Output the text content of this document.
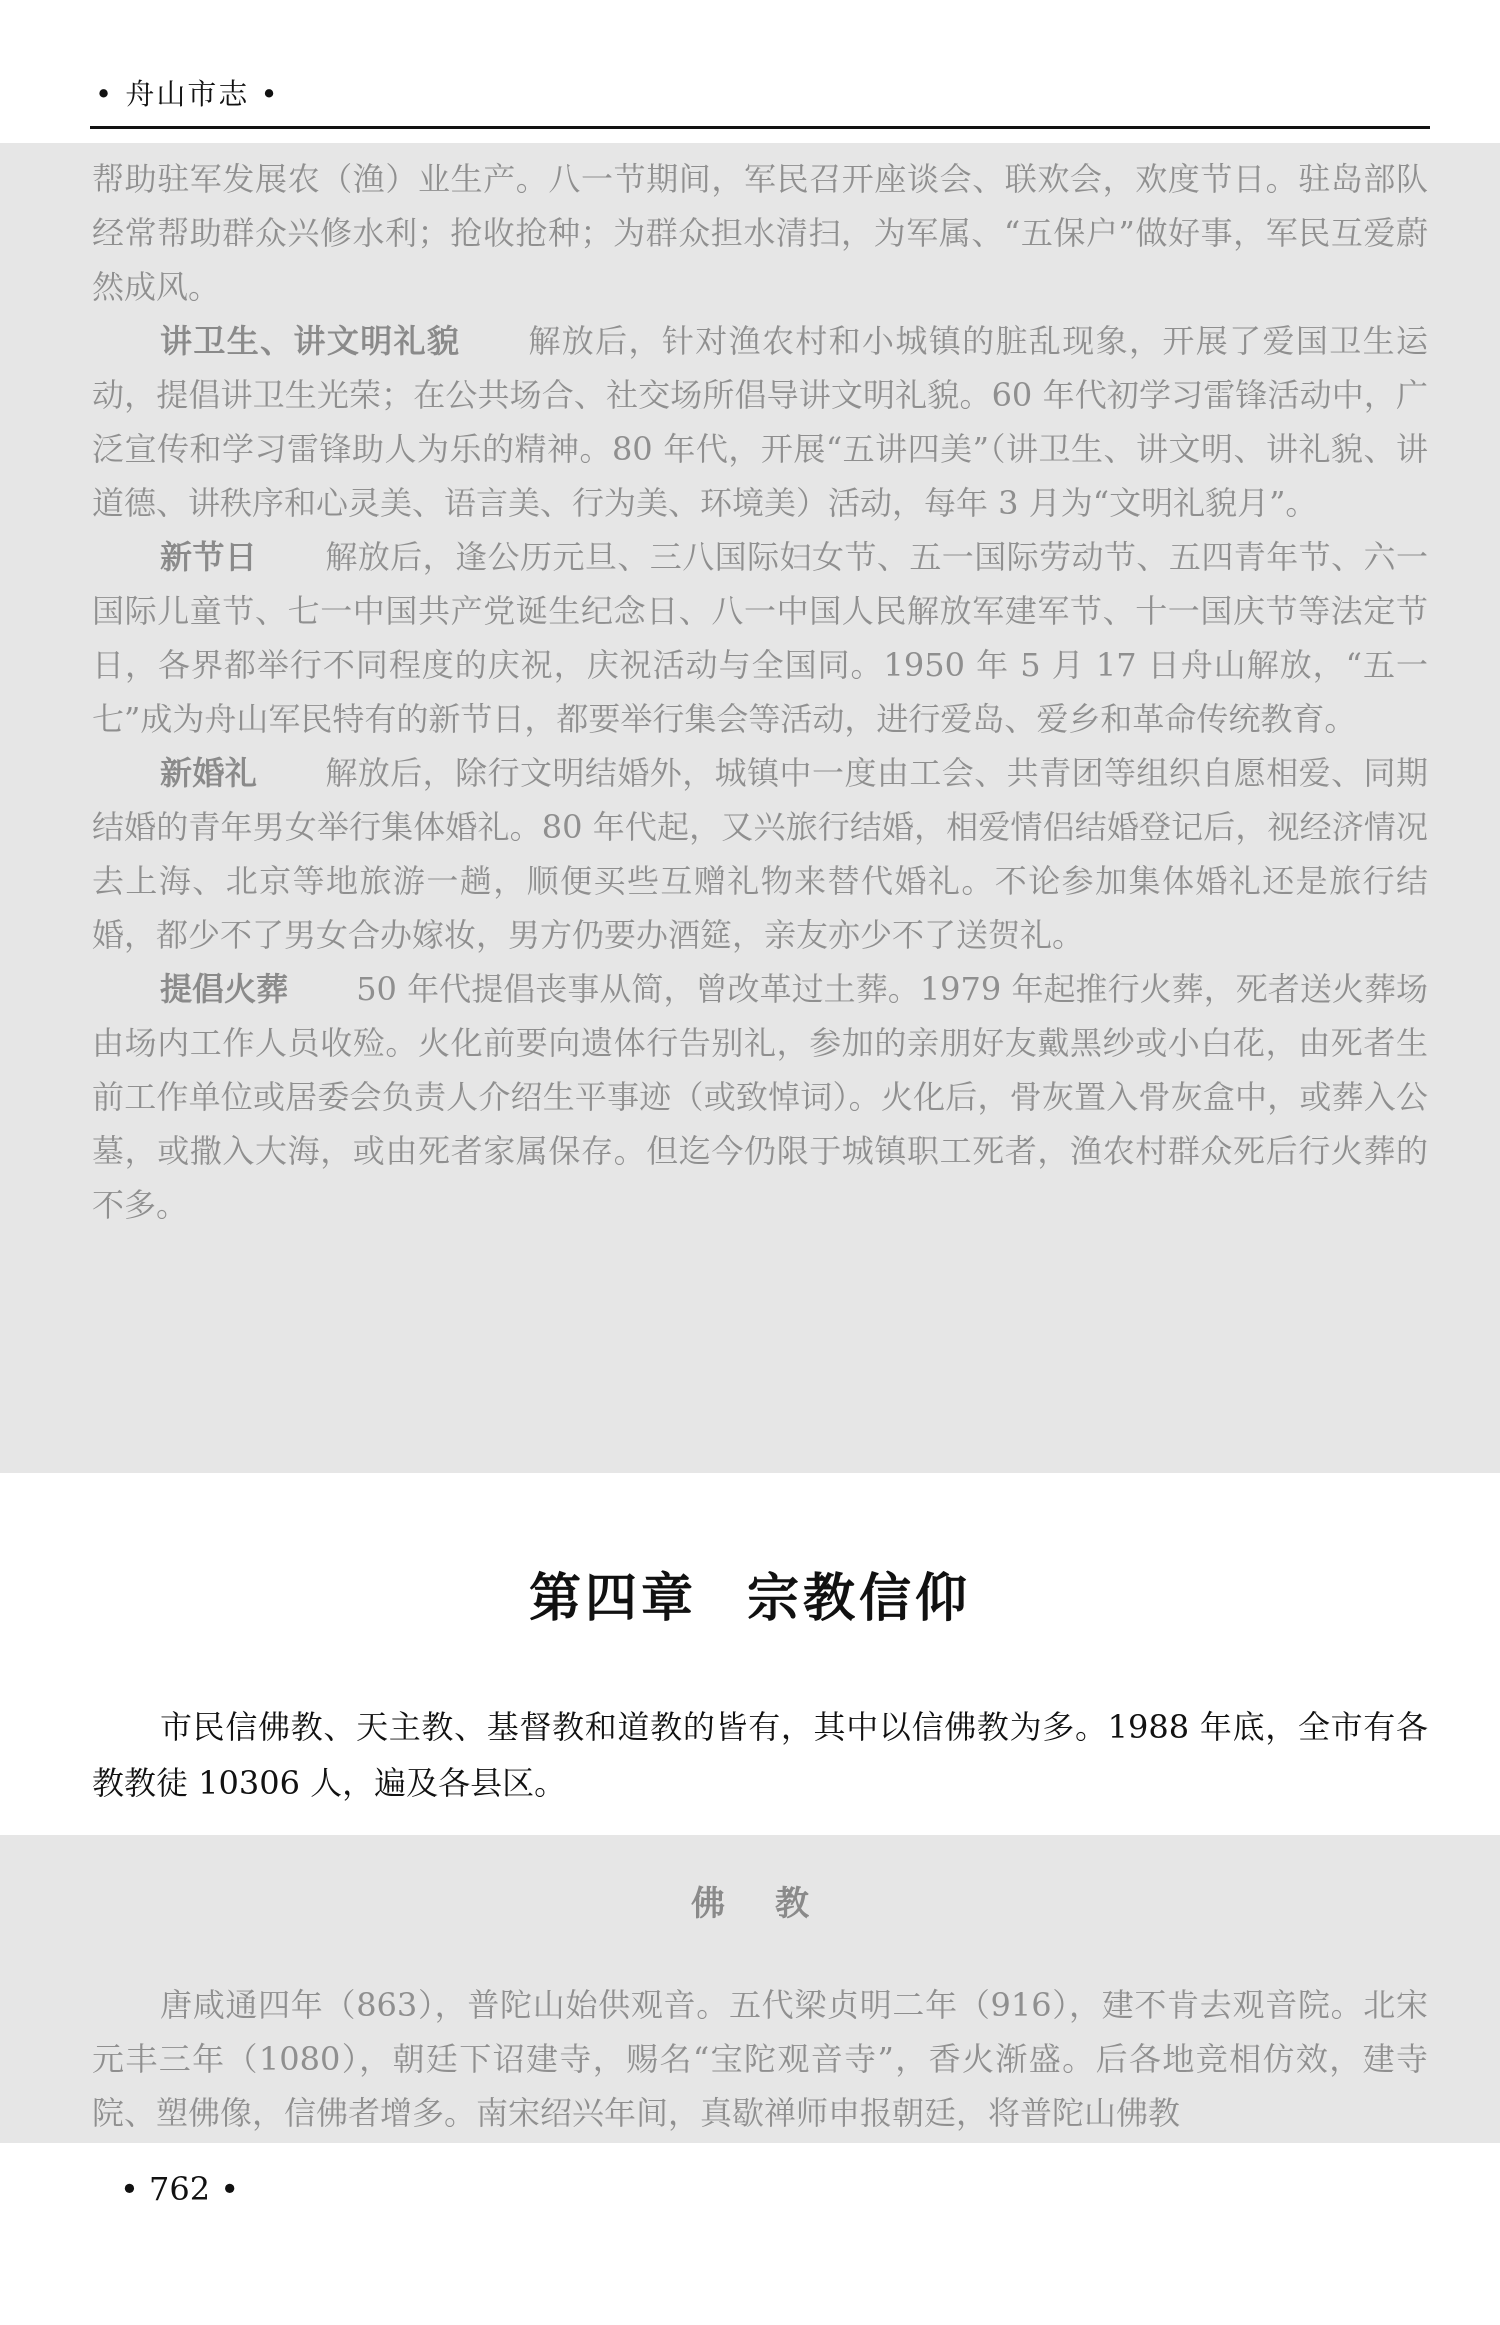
• 舟山市志 •

帮助驻军发展农（渔）业生产。八一节期间，军民召开座谈会、联欢会，欢度节日。驻岛部队经常帮助群众兴修水利；抢收抢种；为群众担水清扫，为军属、“五保户”做好事，军民互爱蔚然成风。

讲卫生、讲文明礼貌 解放后，针对渔农村和小城镇的脏乱现象，开展了爱国卫生运动，提倡讲卫生光荣；在公共场合、社交场所倡导讲文明礼貌。60 年代初学习雷锋活动中，广泛宣传和学习雷锋助人为乐的精神。80 年代，开展“五讲四美”（讲卫生、讲文明、讲礼貌、讲道德、讲秩序和心灵美、语言美、行为美、环境美）活动，每年 3 月为“文明礼貌月”。

新节日 解放后，逢公历元旦、三八国际妇女节、五一国际劳动节、五四青年节、六一国际儿童节、七一中国共产党诞生纪念日、八一中国人民解放军建军节、十一国庆节等法定节日，各界都举行不同程度的庆祝，庆祝活动与全国同。1950 年 5 月 17 日舟山解放，“五一七”成为舟山军民特有的新节日，都要举行集会等活动，进行爱岛、爱乡和革命传统教育。

新婚礼 解放后，除行文明结婚外，城镇中一度由工会、共青团等组织自愿相爱、同期结婚的青年男女举行集体婚礼。80 年代起，又兴旅行结婚，相爱情侣结婚登记后，视经济情况去上海、北京等地旅游一趟，顺便买些互赠礼物来替代婚礼。不论参加集体婚礼还是旅行结婚，都少不了男女合办嫁妆，男方仍要办酒筵，亲友亦少不了送贺礼。

提倡火葬 50 年代提倡丧事从简，曾改革过土葬。1979 年起推行火葬，死者送火葬场由场内工作人员收殓。火化前要向遗体行告别礼，参加的亲朋好友戴黑纱或小白花，由死者生前工作单位或居委会负责人介绍生平事迹（或致悼词）。火化后，骨灰置入骨灰盒中，或葬入公墓，或撒入大海，或由死者家属保存。但迄今仍限于城镇职工死者，渔农村群众死后行火葬的不多。

第四章 宗教信仰

市民信佛教、天主教、基督教和道教的皆有，其中以信佛教为多。1988 年底，全市有各教教徒 10306 人，遍及各县区。

佛教

唐咸通四年（863），普陀山始供观音。五代梁贞明二年（916），建不肯去观音院。北宋元丰三年（1080），朝廷下诏建寺，赐名“宝陀观音寺”，香火渐盛。后各地竞相仿效，建寺院、塑佛像，信佛者增多。南宋绍兴年间，真歇禅师申报朝廷，将普陀山佛教

• 762 •
